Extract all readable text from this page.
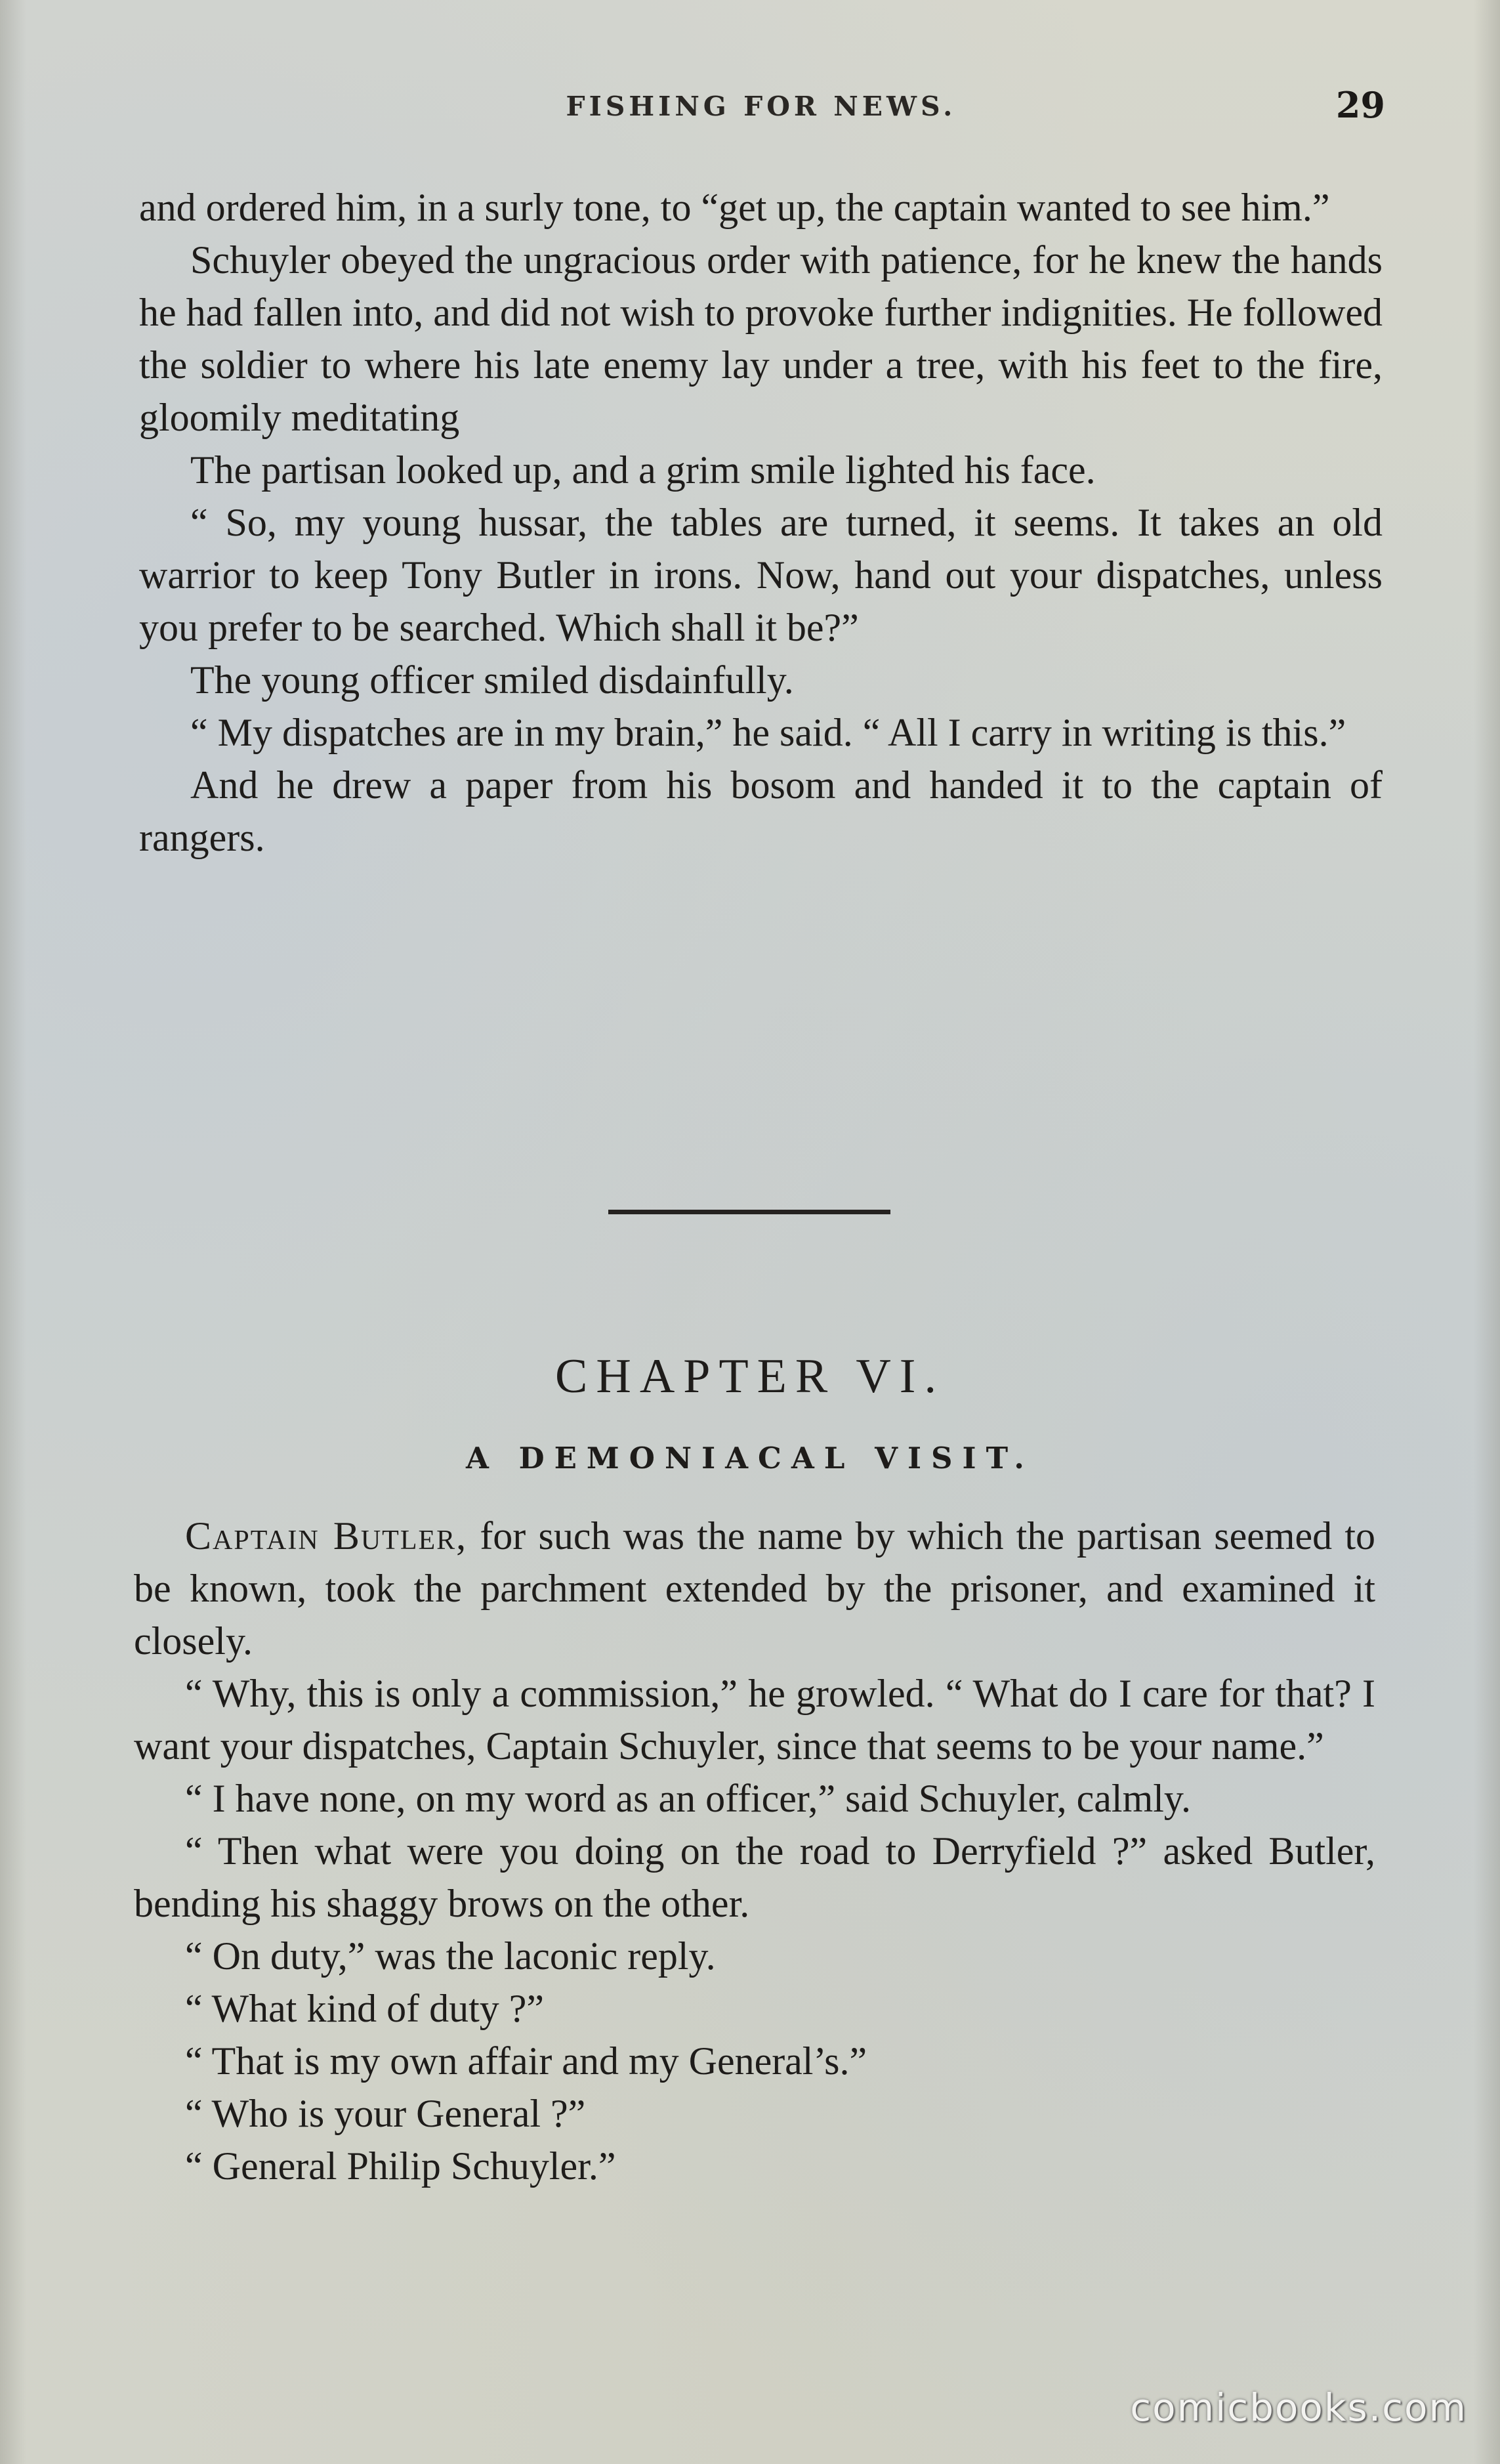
FISHING FOR NEWS.	29

and ordered him, in a surly tone, to “get up, the captain wanted to see him.”

Schuyler obeyed the ungracious order with patience, for he knew the hands he had fallen into, and did not wish to provoke further indignities. He followed the soldier to where his late enemy lay under a tree, with his feet to the fire, gloomily meditating

The partisan looked up, and a grim smile lighted his face.

“ So, my young hussar, the tables are turned, it seems. It takes an old warrior to keep Tony Butler in irons. Now, hand out your dispatches, unless you prefer to be searched. Which shall it be?”

The young officer smiled disdainfully.

“ My dispatches are in my brain,” he said. “ All I carry in writing is this.”

And he drew a paper from his bosom and handed it to the captain of rangers.

CHAPTER VI.
A DEMONIACAL VISIT.

Captain Butler, for such was the name by which the partisan seemed to be known, took the parchment extended by the prisoner, and examined it closely.

“ Why, this is only a commission,” he growled. “ What do I care for that? I want your dispatches, Captain Schuyler, since that seems to be your name.”

“ I have none, on my word as an officer,” said Schuyler, calmly.

“ Then what were you doing on the road to Derryfield ?” asked Butler, bending his shaggy brows on the other.

“ On duty,” was the laconic reply.

“ What kind of duty ?”

“ That is my own affair and my General’s.”

“ Who is your General ?”

“ General Philip Schuyler.”

comicbooks.com
